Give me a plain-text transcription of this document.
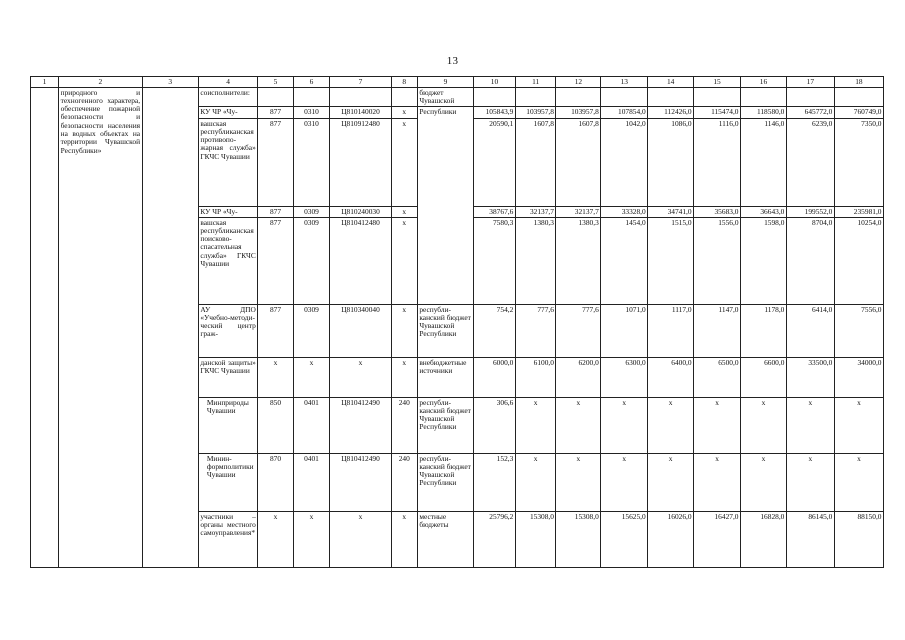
13
1	2	3	4	5	6	7	8	9	10	11	12	13	14	15	16	17	18
	природного и техногенного характера, обеспечение пожарной безопасности и безопасности населения на водных объектах на территории Чувашской Республики»		соисполнители:					бюджет Чувашской									
			КУ ЧР «Чу-	877	0310	Ц810140020	х	Республики	105843,9	103957,8	103957,8	107854,0	112426,0	115474,0	118580,0	645772,0	760749,0
			вашская республиканская противопожарная служба» ГКЧС Чувашии	877	0310	Ц810912480	х		20590,1	1607,8	1607,8	1042,0	1086,0	1116,0	1146,0	6239,0	7350,0
			КУ ЧР «Чу-	877	0309	Ц810240030	х		38767,6	32137,7	32137,7	33328,0	34741,0	35683,0	36643,0	199552,0	235981,0
			вашская республиканская поисково-спасательная служба» ГКЧС Чувашии	877	0309	Ц810412480	х		7580,3	1380,3	1380,3	1454,0	1515,0	1556,0	1598,0	8704,0	10254,0
			АУ ДПО «Учебно-методический центр граж-	877	0309	Ц810340040	х	республиканский бюджет Чувашской Республики	754,2	777,6	777,6	1071,0	1117,0	1147,0	1178,0	6414,0	7556,0
			данской защиты» ГКЧС Чувашии	х	х	х	х	внебюджетные источники	6000,0	6100,0	6200,0	6300,0	6400,0	6500,0	6600,0	33500,0	34000,0
			Минприроды Чувашии	850	0401	Ц810412490	240	республиканский бюджет Чувашской Республики	306,6	х	х	х	х	х	х	х	х
			Мининформпoлитики Чувашии	870	0401	Ц810412490	240	республиканский бюджет Чувашской Республики	152,3	х	х	х	х	х	х	х	х
			участники – органы местного самоуправления*	х	х	х	х	местные бюджеты	25796,2	15308,0	15308,0	15625,0	16026,0	16427,0	16828,0	86145,0	88150,0
